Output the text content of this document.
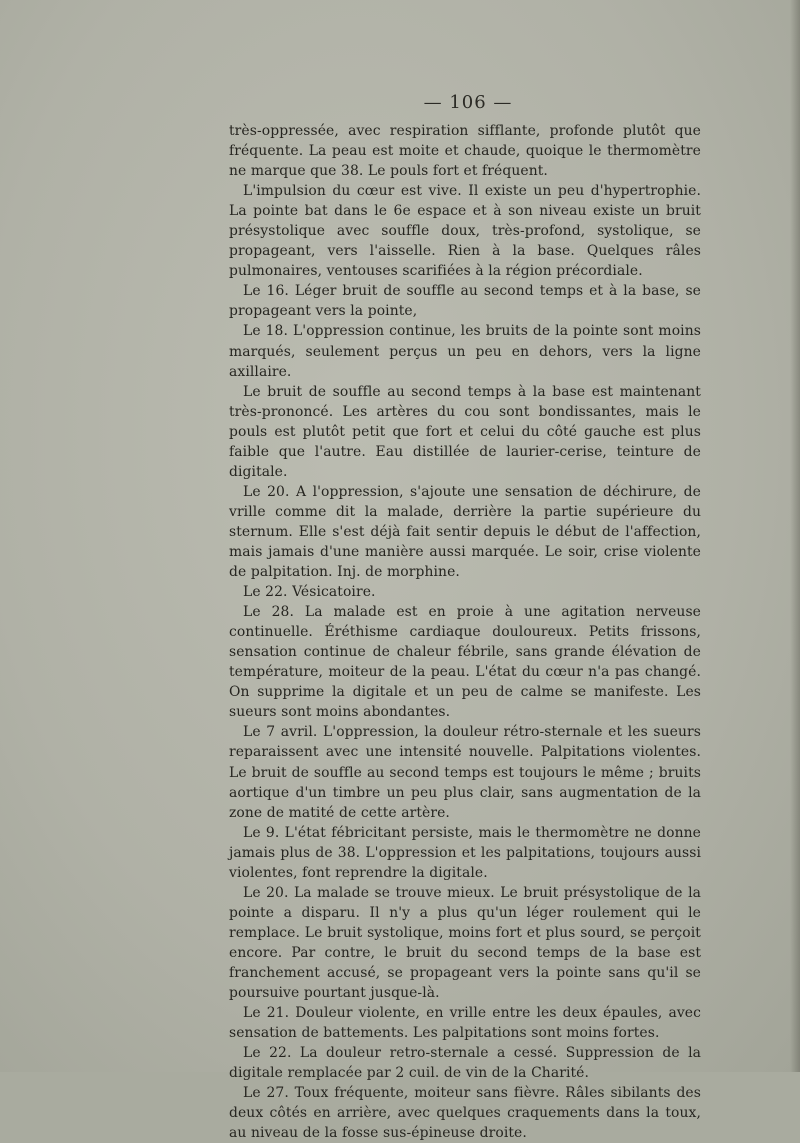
— 106 —

très-oppressée, avec respiration sifflante, profonde plutôt que fréquente. La peau est moite et chaude, quoique le thermomètre ne marque que 38. Le pouls fort et fréquent.

L'impulsion du cœur est vive. Il existe un peu d'hypertrophie. La pointe bat dans le 6e espace et à son niveau existe un bruit présystolique avec souffle doux, très-profond, systolique, se propageant, vers l'aisselle. Rien à la base. Quelques râles pulmonaires, ventouses scarifiées à la région précordiale.

Le 16. Léger bruit de souffle au second temps et à la base, se propageant vers la pointe,

Le 18. L'oppression continue, les bruits de la pointe sont moins marqués, seulement perçus un peu en dehors, vers la ligne axillaire.

Le bruit de souffle au second temps à la base est maintenant très-prononcé. Les artères du cou sont bondissantes, mais le pouls est plutôt petit que fort et celui du côté gauche est plus faible que l'autre. Eau distillée de laurier-cerise, teinture de digitale.

Le 20. A l'oppression, s'ajoute une sensation de déchirure, de vrille comme dit la malade, derrière la partie supérieure du sternum. Elle s'est déjà fait sentir depuis le début de l'affection, mais jamais d'une manière aussi marquée. Le soir, crise violente de palpitation. Inj. de morphine.

Le 22. Vésicatoire.

Le 28. La malade est en proie à une agitation nerveuse continuelle. Éréthisme cardiaque douloureux. Petits frissons, sensation continue de chaleur fébrile, sans grande élévation de température, moiteur de la peau. L'état du cœur n'a pas changé. On supprime la digitale et un peu de calme se manifeste. Les sueurs sont moins abondantes.

Le 7 avril. L'oppression, la douleur rétro-sternale et les sueurs reparaissent avec une intensité nouvelle. Palpitations violentes. Le bruit de souffle au second temps est toujours le même ; bruits aortique d'un timbre un peu plus clair, sans augmentation de la zone de matité de cette artère.

Le 9. L'état fébricitant persiste, mais le thermomètre ne donne jamais plus de 38. L'oppression et les palpitations, toujours aussi violentes, font reprendre la digitale.

Le 20. La malade se trouve mieux. Le bruit présystolique de la pointe a disparu. Il n'y a plus qu'un léger roulement qui le remplace. Le bruit systolique, moins fort et plus sourd, se perçoit encore. Par contre, le bruit du second temps de la base est franchement accusé, se propageant vers la pointe sans qu'il se poursuive pourtant jusque-là.

Le 21. Douleur violente, en vrille entre les deux épaules, avec sensation de battements. Les palpitations sont moins fortes.

Le 22. La douleur retro-sternale a cessé. Suppression de la digitale remplacée par 2 cuil. de vin de la Charité.

Le 27. Toux fréquente, moiteur sans fièvre. Râles sibilants des deux côtés en arrière, avec quelques craquements dans la toux, au niveau de la fosse sus-épineuse droite.
